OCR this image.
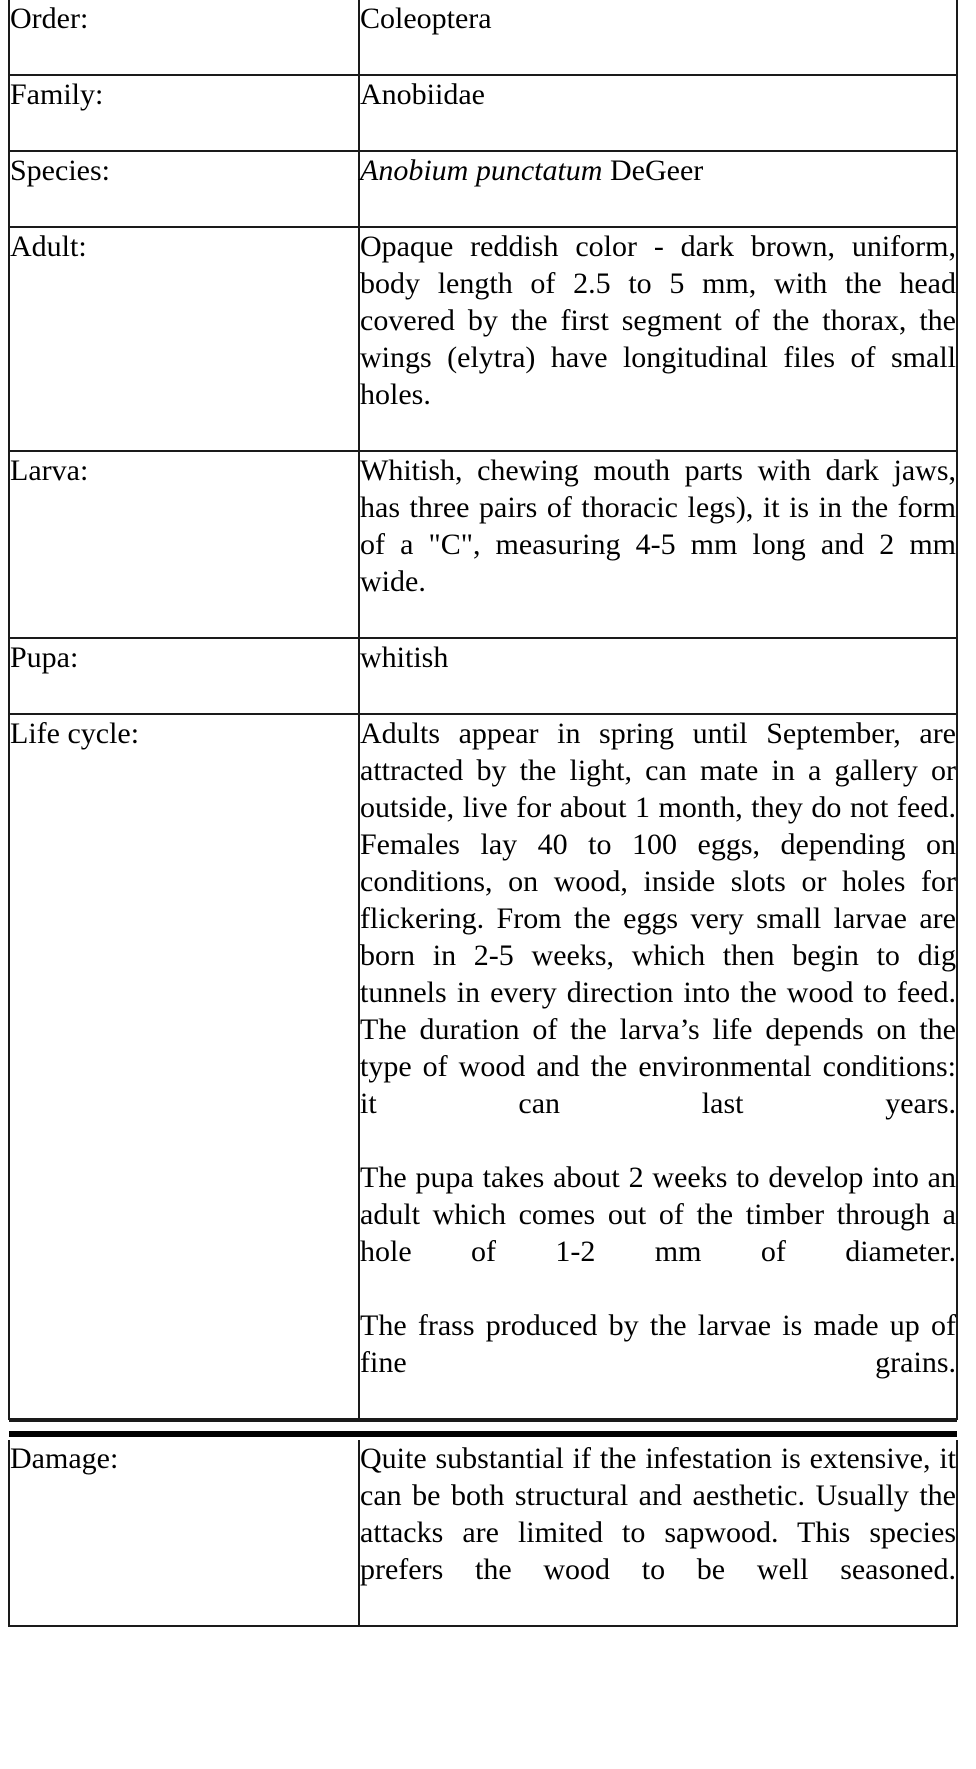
Order:	Coleoptera

Family:	Anobiidae

Species:	Anobium punctatum DeGeer

Adult:	Opaque reddish color - dark brown, uniform, body length of 2.5 to 5 mm, with the head covered by the first segment of the thorax, the wings (elytra) have longitudinal files of small holes.

Larva:	Whitish, chewing mouth parts with dark jaws, has three pairs of thoracic legs), it is in the form of a "C", measuring 4-5 mm long and 2 mm wide.

Pupa:	whitish

Life cycle:	Adults appear in spring until September, are attracted by the light, can mate in a gallery or outside, live for about 1 month, they do not feed. Females lay 40 to 100 eggs, depending on conditions, on wood, inside slots or holes for flickering. From the eggs very small larvae are born in 2-5 weeks, which then begin to dig tunnels in every direction into the wood to feed. The duration of the larva’s life depends on the type of wood and the environmental conditions: it can last years.
The pupa takes about 2 weeks to develop into an adult which comes out of the timber through a hole of 1-2 mm of diameter.
The frass produced by the larvae is made up of fine grains.

Damage:	Quite substantial if the infestation is extensive, it can be both structural and aesthetic. Usually the attacks are limited to sapwood. This species prefers the wood to be well seasoned.
